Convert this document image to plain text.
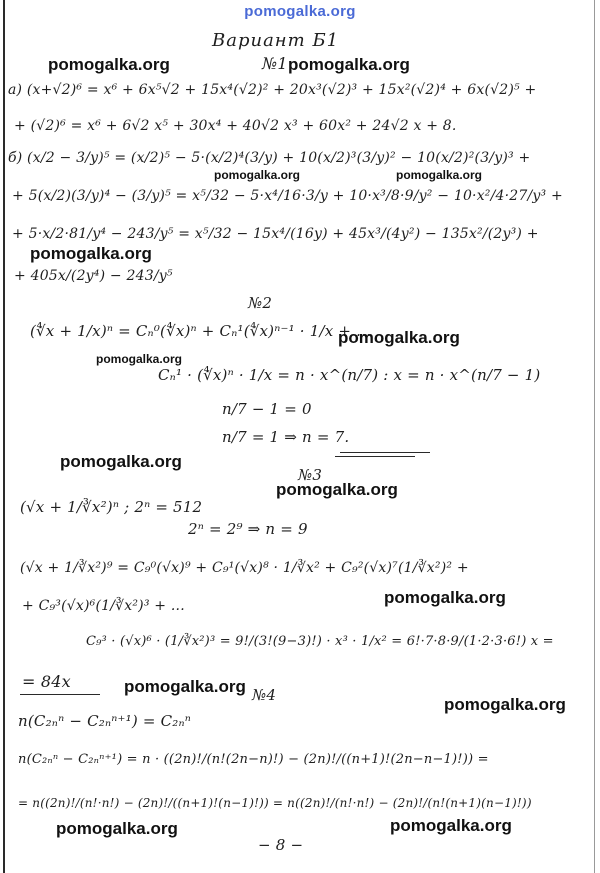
pomogalka.org
Вариант Б1
№1
a) (x+√2)⁶ = x⁶ + 6x⁵√2 + 15x⁴(√2)² + 20x³(√2)³ + 15x²(√2)⁴ + 6x(√2)⁵ +
+ (√2)⁶ = x⁶ + 6√2 x⁵ + 30x⁴ + 40√2 x³ + 60x² + 24√2 x + 8.
б) (x/2 − 3/y)⁵ = (x/2)⁵ − 5·(x/2)⁴(3/y) + 10(x/2)³(3/y)² − 10(x/2)²(3/y)³ +
+ 5(x/2)(3/y)⁴ − (3/y)⁵ = x⁵/32 − 5·x⁴/16·3/y + 10·x³/8·9/y² − 10·x²/4·27/y³ +
+ 5·x/2·81/y⁴ − 243/y⁵ = x⁵/32 − 15x⁴/(16y) + 45x³/(4y²) − 135x²/(2y³) +
+ 405x/(2y⁴) − 243/y⁵
№2
(∜x + 1/x)ⁿ = Cₙ⁰(∜x)ⁿ + Cₙ¹(∜x)ⁿ⁻¹ · 1/x + ...
Cₙ¹ · (∜x)ⁿ · 1/x = n · x^(n/7) : x = n · x^(n/7 − 1)
n/7 − 1 = 0
n/7 = 1 ⇒ n = 7.
№3
(√x + 1/∛x²)ⁿ ; 2ⁿ = 512
2ⁿ = 2⁹ ⇒ n = 9
(√x + 1/∛x²)⁹ = C₉⁰(√x)⁹ + C₉¹(√x)⁸ · 1/∛x² + C₉²(√x)⁷(1/∛x²)² +
+ C₉³(√x)⁶(1/∛x²)³ + ...
C₉³ · (√x)⁶ · (1/∛x²)³ = 9!/(3!(9−3)!) · x³ · 1/x² = 6!·7·8·9/(1·2·3·6!) x =
= 84x
№4
n(C₂ₙⁿ − C₂ₙⁿ⁺¹) = C₂ₙⁿ
n(C₂ₙⁿ − C₂ₙⁿ⁺¹) = n · ((2n)!/(n!(2n−n)!) − (2n)!/((n+1)!(2n−n−1)!)) =
= n((2n)!/(n!·n!) − (2n)!/((n+1)!(n−1)!)) = n((2n)!/(n!·n!) − (2n)!/(n!(n+1)(n−1)!))
− 8 −
pomogalka.org	pomogalka.org
pomogalka.org	pomogalka.org
pomogalka.org
pomogalka.org
pomogalka.org
pomogalka.org
pomogalka.org
pomogalka.org
pomogalka.org
pomogalka.org
pomogalka.org	pomogalka.org
